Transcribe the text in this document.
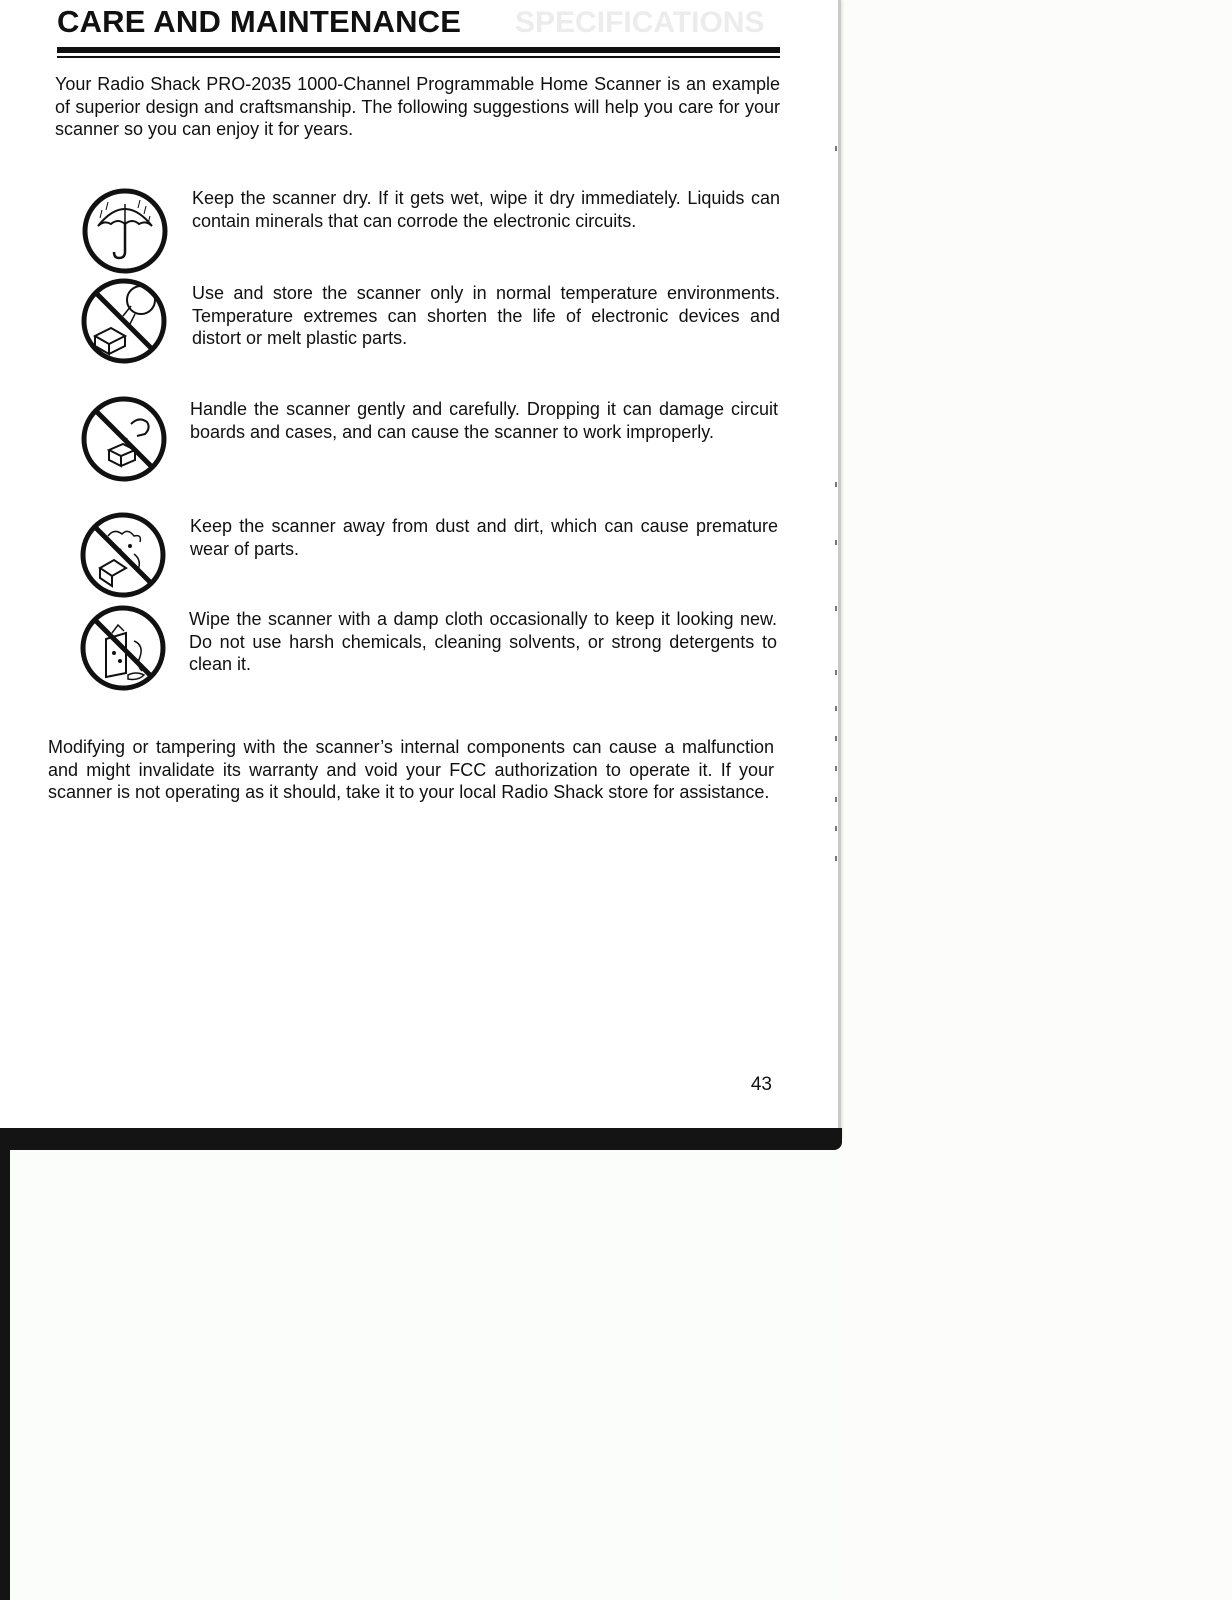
SPECIFICATIONS
CARE AND MAINTENANCE

Your Radio Shack PRO-2035 1000-Channel Programmable Home Scanner is an example of superior design and craftsmanship. The following suggestions will help you care for your scanner so you can enjoy it for years.

Keep the scanner dry. If it gets wet, wipe it dry immediately. Liquids can contain minerals that can corrode the electronic circuits.

Use and store the scanner only in normal temperature environments. Temperature extremes can shorten the life of electronic devices and distort or melt plastic parts.

Handle the scanner gently and carefully. Dropping it can damage circuit boards and cases, and can cause the scanner to work improperly.

Keep the scanner away from dust and dirt, which can cause premature wear of parts.

Wipe the scanner with a damp cloth occasionally to keep it looking new. Do not use harsh chemicals, cleaning solvents, or strong detergents to clean it.

Modifying or tampering with the scanner’s internal components can cause a malfunction and might invalidate its warranty and void your FCC authorization to operate it. If your scanner is not operating as it should, take it to your local Radio Shack store for assistance.

43
